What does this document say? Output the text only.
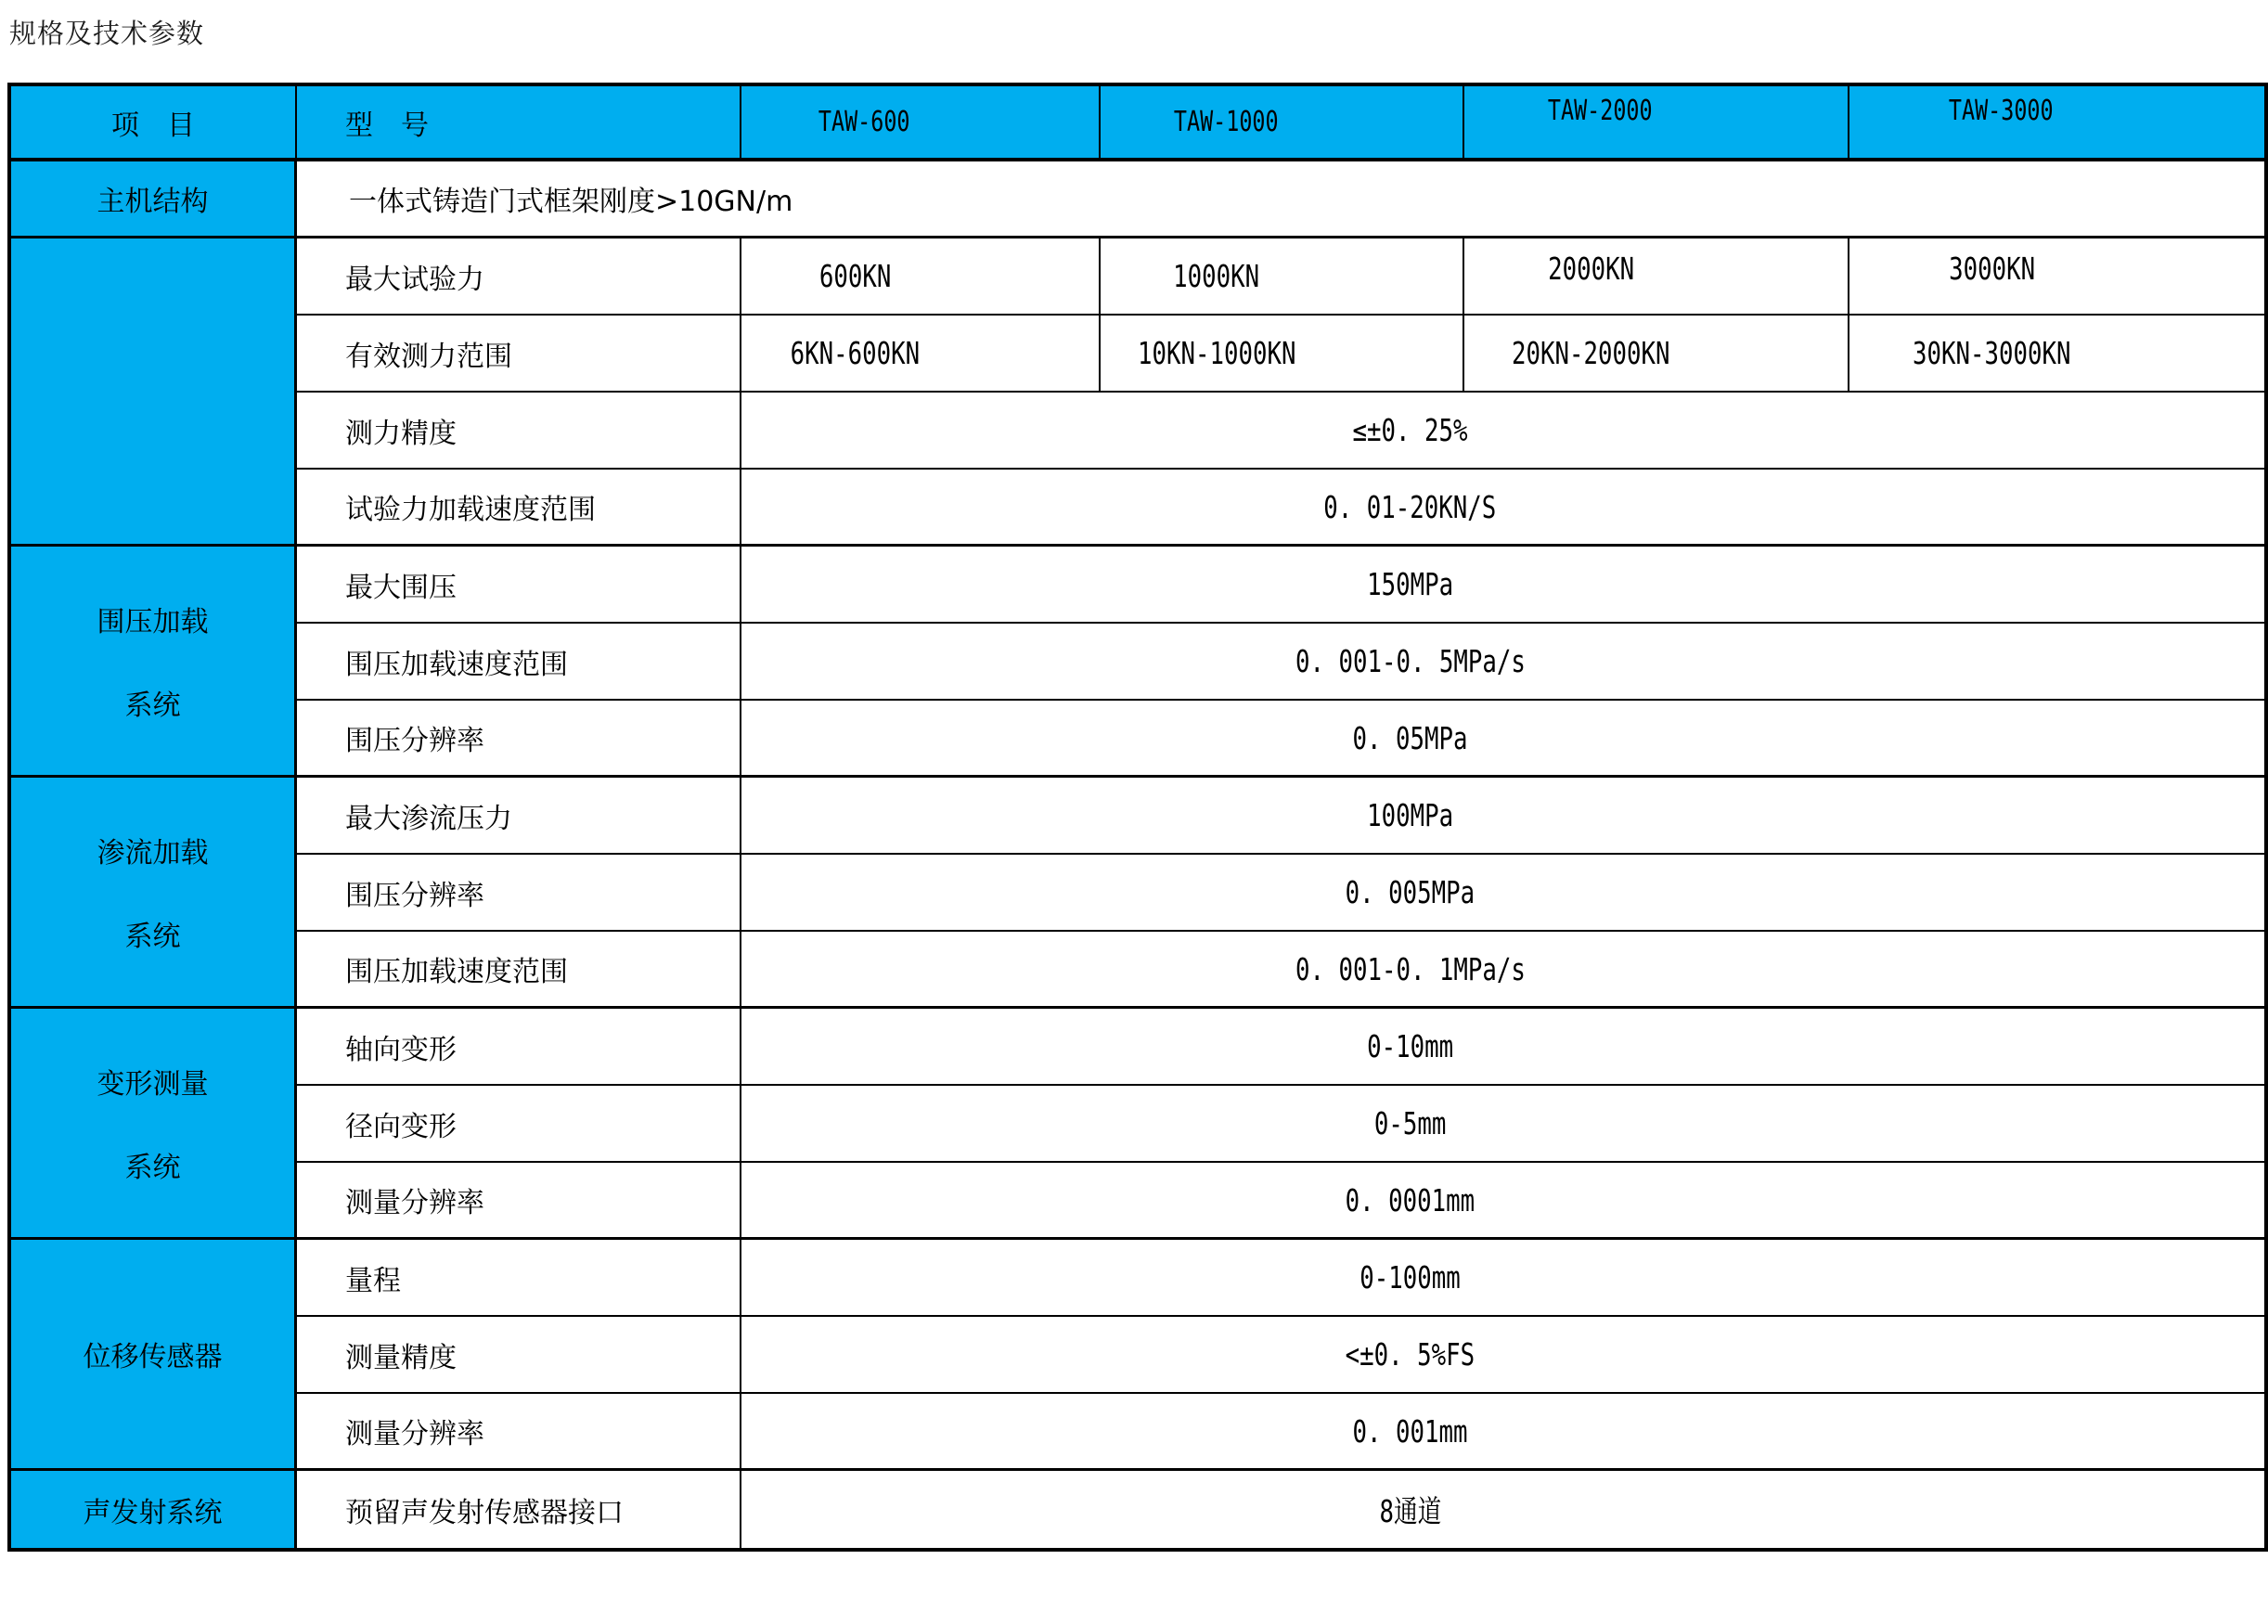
规格及技术参数
项　目	型　号	TAW-600	TAW-1000	TAW-2000	TAW-3000
主机结构	一体式铸造门式框架刚度>10GN/m
最大试验力	600KN	1000KN	2000KN	3000KN
有效测力范围	6KN-600KN	10KN-1000KN	20KN-2000KN	30KN-3000KN
测力精度	≤±0. 25%
试验力加载速度范围	0. 01-20KN/S
围压加载
系统
最大围压	150MPa
围压加载速度范围	0. 001-0. 5MPa/s
围压分辨率	0. 05MPa
渗流加载
系统
最大渗流压力	100MPa
围压分辨率	0. 005MPa
围压加载速度范围	0. 001-0. 1MPa/s
变形测量
系统
轴向变形	0-10mm
径向变形	0-5mm
测量分辨率	0. 0001mm
位移传感器
量程	0-100mm
测量精度	<±0. 5%FS
测量分辨率	0. 001mm
声发射系统	预留声发射传感器接口	8通道
